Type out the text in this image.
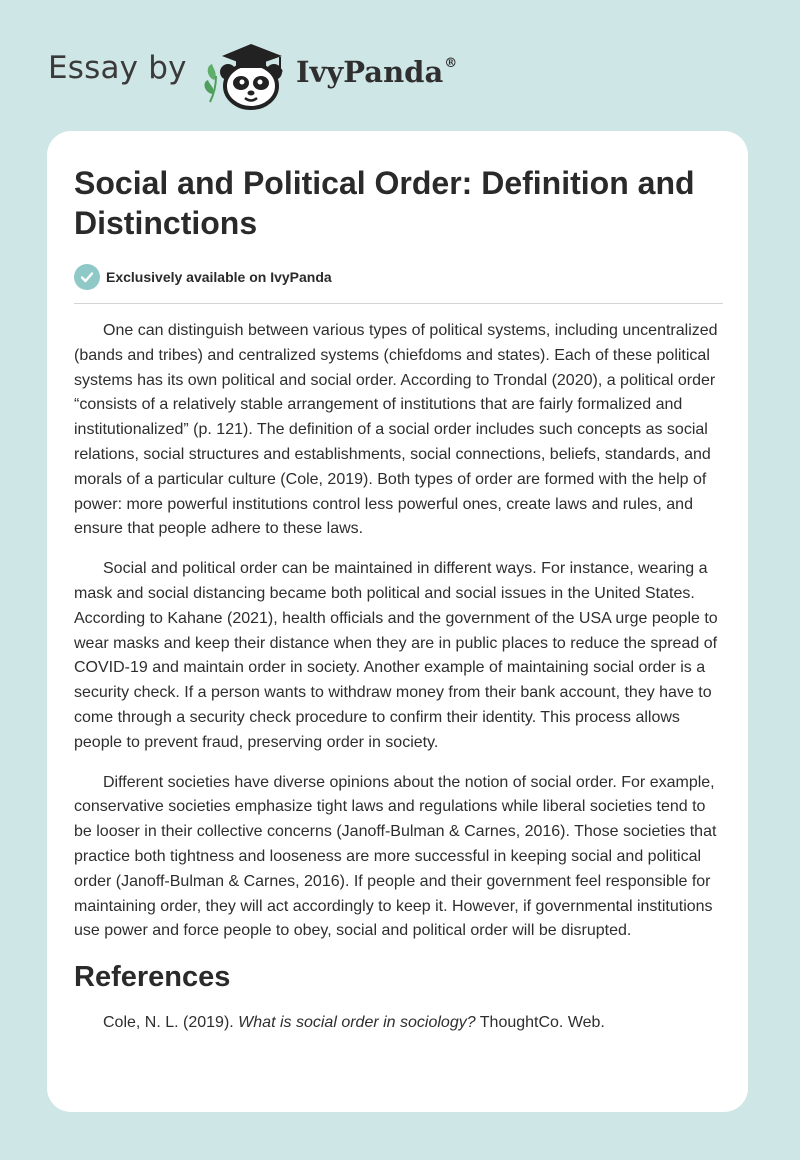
Essay by	IvyPanda®
Social and Political Order: Definition and Distinctions
Exclusively available on IvyPanda

One can distinguish between various types of political systems, including uncentralized (bands and tribes) and centralized systems (chiefdoms and states). Each of these political systems has its own political and social order. According to Trondal (2020), a political order “consists of a relatively stable arrangement of institutions that are fairly formalized and institutionalized” (p. 121). The definition of a social order includes such concepts as social relations, social structures and establishments, social connections, beliefs, standards, and morals of a particular culture (Cole, 2019). Both types of order are formed with the help of power: more powerful institutions control less powerful ones, create laws and rules, and ensure that people adhere to these laws.

Social and political order can be maintained in different ways. For instance, wearing a mask and social distancing became both political and social issues in the United States. According to Kahane (2021), health officials and the government of the USA urge people to wear masks and keep their distance when they are in public places to reduce the spread of COVID-19 and maintain order in society. Another example of maintaining social order is a security check. If a person wants to withdraw money from their bank account, they have to come through a security check procedure to confirm their identity. This process allows people to prevent fraud, preserving order in society.

Different societies have diverse opinions about the notion of social order. For example, conservative societies emphasize tight laws and regulations while liberal societies tend to be looser in their collective concerns (Janoff-Bulman & Carnes, 2016). Those societies that practice both tightness and looseness are more successful in keeping social and political order (Janoff-Bulman & Carnes, 2016). If people and their government feel responsible for maintaining order, they will act accordingly to keep it. However, if governmental institutions use power and force people to obey, social and political order will be disrupted.

References

Cole, N. L. (2019). What is social order in sociology? ThoughtCo. Web.
